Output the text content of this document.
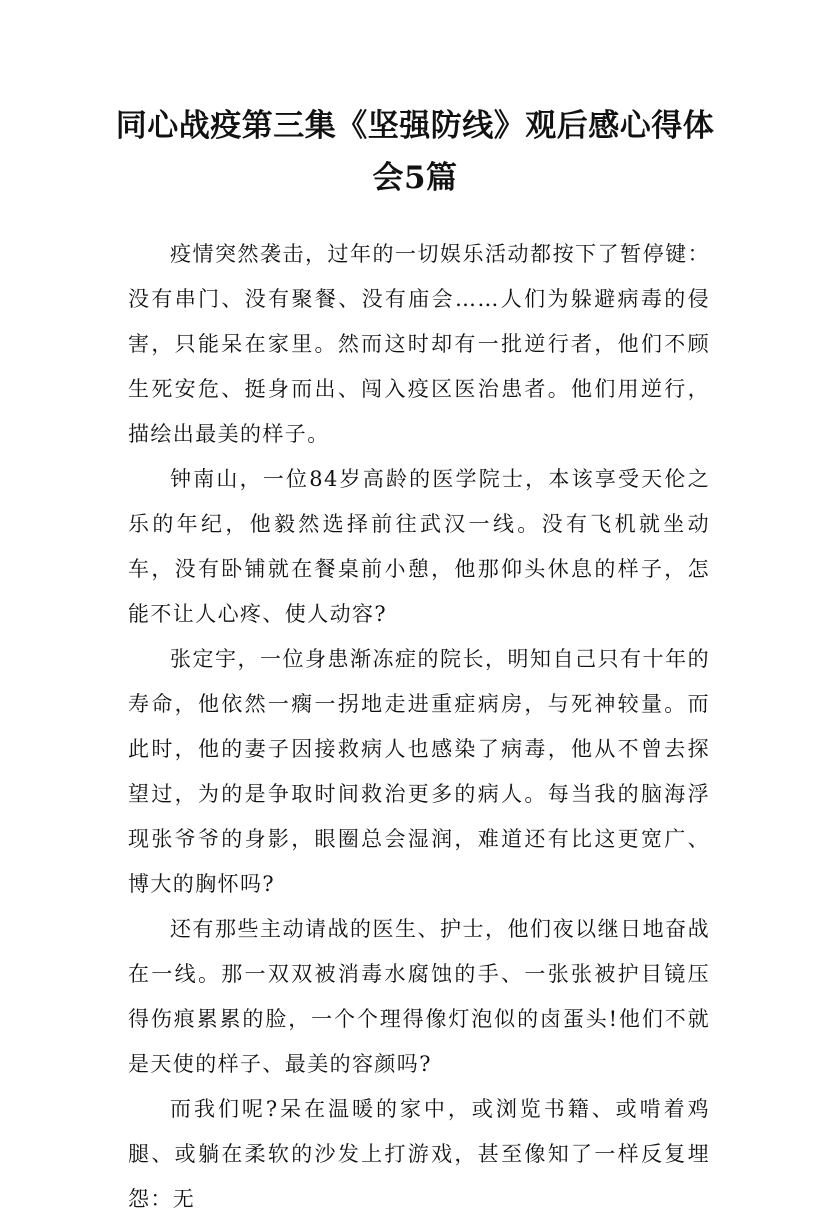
同心战疫第三集《坚强防线》观后感心得体会5篇

疫情突然袭击，过年的一切娱乐活动都按下了暂停键：没有串门、没有聚餐、没有庙会……人们为躲避病毒的侵害，只能呆在家里。然而这时却有一批逆行者，他们不顾生死安危、挺身而出、闯入疫区医治患者。他们用逆行，描绘出最美的样子。

钟南山，一位84岁高龄的医学院士，本该享受天伦之乐的年纪，他毅然选择前往武汉一线。没有飞机就坐动车，没有卧铺就在餐桌前小憩，他那仰头休息的样子，怎能不让人心疼、使人动容?

张定宇，一位身患渐冻症的院长，明知自己只有十年的寿命，他依然一瘸一拐地走进重症病房，与死神较量。而此时，他的妻子因接救病人也感染了病毒，他从不曾去探望过，为的是争取时间救治更多的病人。每当我的脑海浮现张爷爷的身影，眼圈总会湿润，难道还有比这更宽广、博大的胸怀吗?

还有那些主动请战的医生、护士，他们夜以继日地奋战在一线。那一双双被消毒水腐蚀的手、一张张被护目镜压得伤痕累累的脸，一个个理得像灯泡似的卤蛋头!他们不就是天使的样子、最美的容颜吗?

而我们呢?呆在温暖的家中，或浏览书籍、或啃着鸡腿、或躺在柔软的沙发上打游戏，甚至像知了一样反复埋怨：无
